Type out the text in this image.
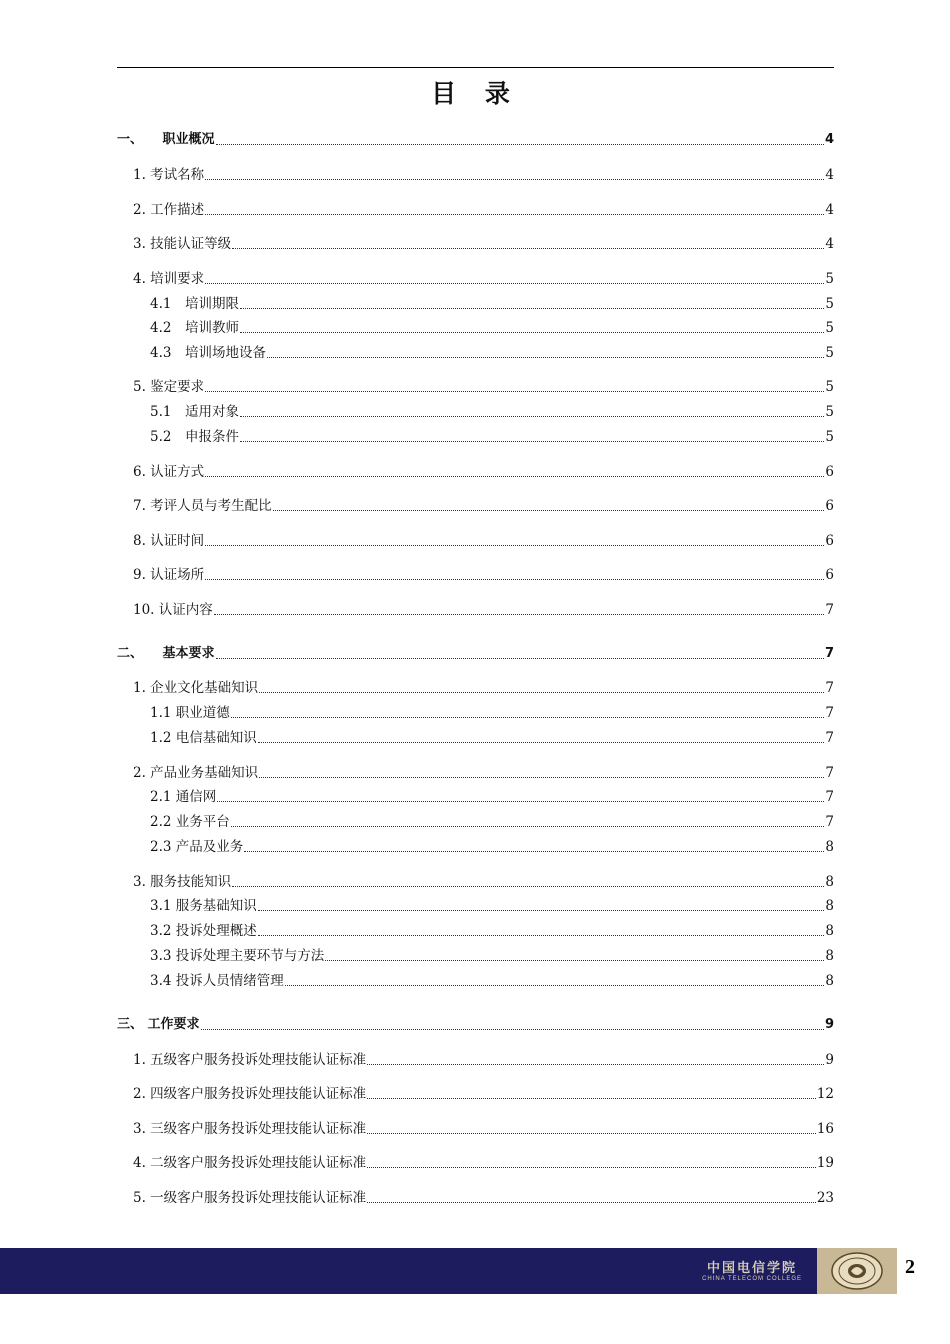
目 录
一、　　职业概况	4
1. 考试名称	4
2. 工作描述	4
3. 技能认证等级	4
4. 培训要求	5
4.1　培训期限	5
4.2　培训教师	5
4.3　培训场地设备	5
5. 鉴定要求	5
5.1　适用对象	5
5.2　申报条件	5
6. 认证方式	6
7. 考评人员与考生配比	6
8. 认证时间	6
9. 认证场所	6
10. 认证内容	7
二、　　基本要求	7
1. 企业文化基础知识	7
1.1 职业道德	7
1.2 电信基础知识	7
2. 产品业务基础知识	7
2.1 通信网	7
2.2 业务平台	7
2.3 产品及业务	8
3. 服务技能知识	8
3.1 服务基础知识	8
3.2 投诉处理概述	8
3.3 投诉处理主要环节与方法	8
3.4 投诉人员情绪管理	8
三、 工作要求	9
1. 五级客户服务投诉处理技能认证标准	9
2. 四级客户服务投诉处理技能认证标准	12
3. 三级客户服务投诉处理技能认证标准	16
4. 二级客户服务投诉处理技能认证标准	19
5. 一级客户服务投诉处理技能认证标准	23
中国电信学院
CHINA TELECOM COLLEGE
2
